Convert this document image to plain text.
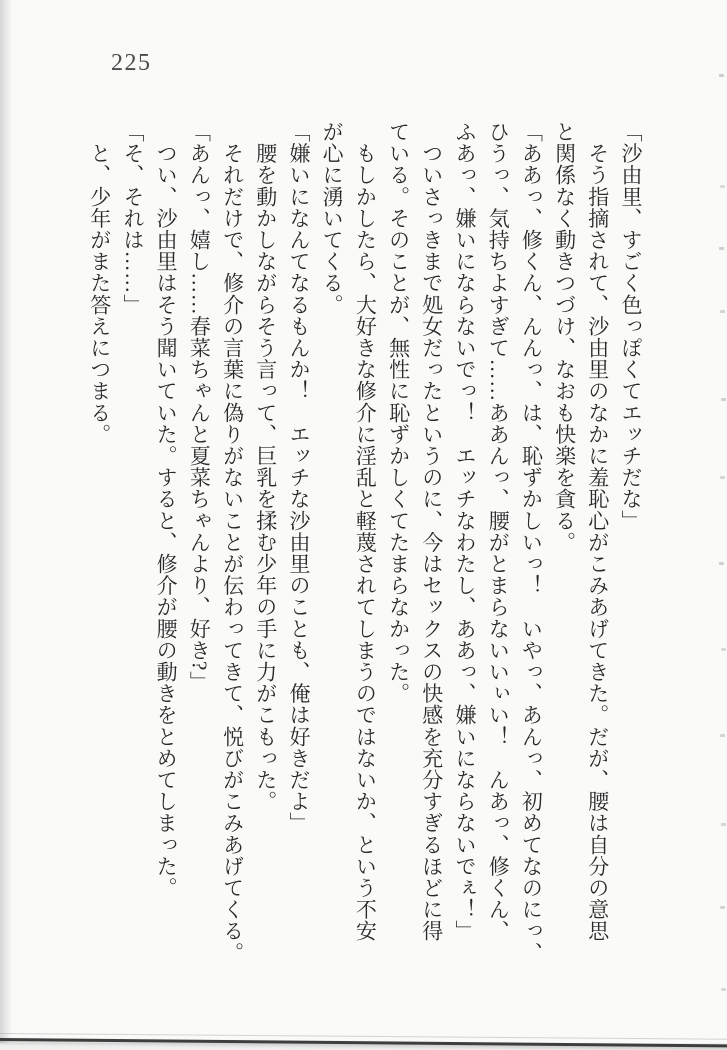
225
「沙由里、すごく色っぽくてエッチだな」
　そう指摘されて、沙由里のなかに羞恥心がこみあげてきた。だが、腰は自分の意思
と関係なく動きつづけ、なおも快楽を貪る。
「ああっ、修くん、んんっ、は、恥ずかしいっ！　いやっ、あんっ、初めてなのにっ、
ひうっ、気持ちよすぎて……ああんっ、腰がとまらないいぃい！　んあっ、修くん、
ふあっ、嫌いにならないでっ！　エッチなわたし、ああっ、嫌いにならないでぇ！」
　ついさっきまで処女だったというのに、今はセックスの快感を充分すぎるほどに得
ている。そのことが、無性に恥ずかしくてたまらなかった。
　もしかしたら、大好きな修介に淫乱と軽蔑されてしまうのではないか、という不安
が心に湧いてくる。
「嫌いになんてなるもんか！　エッチな沙由里のことも、俺は好きだよ」
　腰を動かしながらそう言って、巨乳を揉む少年の手に力がこもった。
　それだけで、修介の言葉に偽りがないことが伝わってきて、悦びがこみあげてくる。
「あんっ、嬉し……春菜ちゃんと夏菜ちゃんより、好き?」
　つい、沙由里はそう聞いていた。すると、修介が腰の動きをとめてしまった。
「そ、それは……」
　と、少年がまた答えにつまる。
